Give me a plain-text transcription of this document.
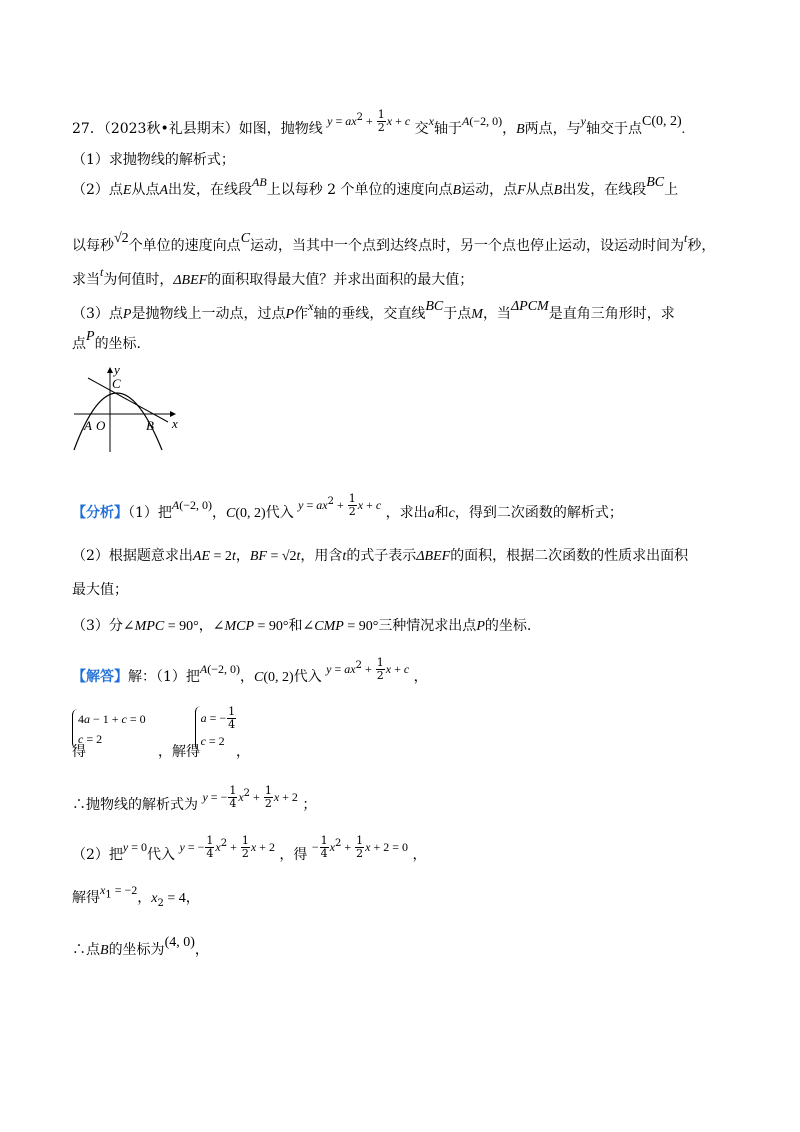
27．（2023秋•礼县期末）如图，抛物线 $y = ax^2 + \frac{1}{2}$ x + c 交x轴于A(−2, 0)，B两点，与y轴交于点C(0, 2).
（1）求抛物线的解析式；
（2）点E从点A出发，在线段AB上以每秒 2 个单位的速度向点B运动，点F从点B出发，在线段BC上
以每秒√2个单位的速度向点C运动，当其中一个点到达终点时，另一个点也停止运动，设运动时间为t秒，
求当t为何值时，ΔBEF的面积取得最大值？并求出面积的最大值；
（3）点P是抛物线上一动点，过点P作x轴的垂线，交直线BC于点M，当ΔPCM是直角三角形时，求
点P的坐标.
y
C
x
A O	B
【分析】（1）把A(−2, 0)，C(0, 2)代入 $y = ax^2 + \frac{1}{2}$ x + c ，求出a和c，得到二次函数的解析式；
（2）根据题意求出AE = 2t，BF = √2t，用含t的式子表示ΔBEF的面积，根据二次函数的性质求出面积
最大值；
（3）分∠MPC = 90°，∠MCP = 90°和∠CMP = 90°三种情况求出点P的坐标.
【解答】解：（1）把A(−2, 0)，C(0, 2)代入 $y = ax^2 + \frac{1}{2}$ x + c ，
4a − 1 + c = 0
c = 2  a = − $\frac{1}{4}$

c = 2
得	，解得	，
∴抛物线的解析式为 y = − $\frac{1}{4} x^2 + \frac{1}{2}$ x + 2 ；
（2）把y = 0代入 y = − $\frac{1}{4} x^2 + \frac{1}{2}$ x + 2 ，得 − $\frac{1}{4} x^2 + \frac{1}{2}$ x + 2 = 0 ，
解得$x_1 = -2$，$x_2 = 4$，
∴点B的坐标为(4, 0)，
